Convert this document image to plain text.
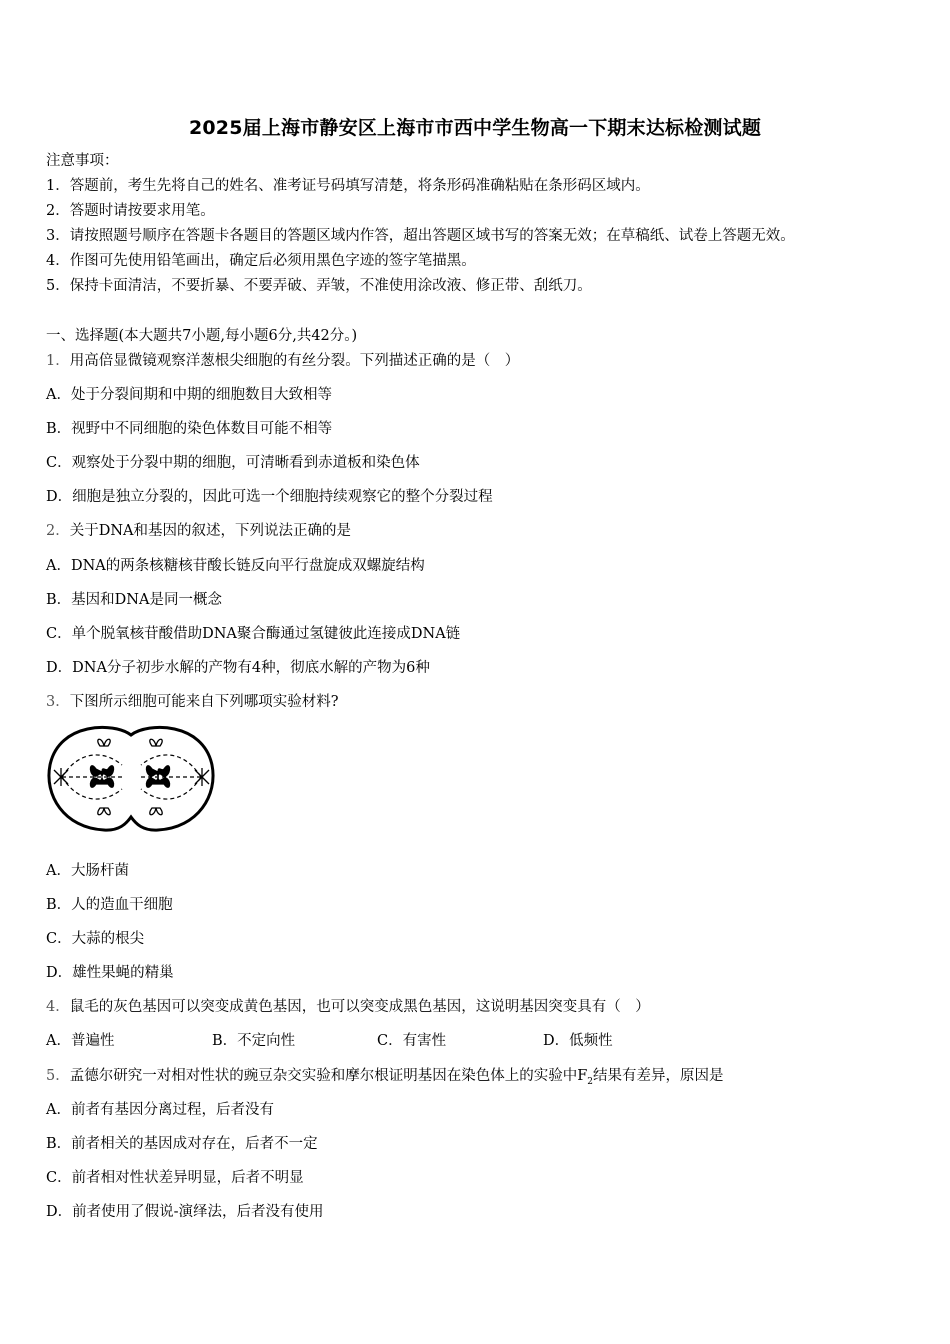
2025届上海市静安区上海市市西中学生物高一下期末达标检测试题
注意事项：
1．答题前，考生先将自己的姓名、准考证号码填写清楚，将条形码准确粘贴在条形码区域内。
2．答题时请按要求用笔。
3．请按照题号顺序在答题卡各题目的答题区域内作答，超出答题区域书写的答案无效；在草稿纸、试卷上答题无效。
4．作图可先使用铅笔画出，确定后必须用黑色字迹的签字笔描黑。
5．保持卡面清洁，不要折暴、不要弄破、弄皱，不准使用涂改液、修正带、刮纸刀。
一、选择题(本大题共7小题,每小题6分,共42分。)
1．用高倍显微镜观察洋葱根尖细胞的有丝分裂。下列描述正确的是（　）
A．处于分裂间期和中期的细胞数目大致相等
B．视野中不同细胞的染色体数目可能不相等
C．观察处于分裂中期的细胞，可清晰看到赤道板和染色体
D．细胞是独立分裂的，因此可选一个细胞持续观察它的整个分裂过程
2．关于DNA和基因的叙述，下列说法正确的是
A．DNA的两条核糖核苷酸长链反向平行盘旋成双螺旋结构
B．基因和DNA是同一概念
C．单个脱氧核苷酸借助DNA聚合酶通过氢键彼此连接成DNA链
D．DNA分子初步水解的产物有4种，彻底水解的产物为6种
3．下图所示细胞可能来自下列哪项实验材料?
A．大肠杆菌
B．人的造血干细胞
C．大蒜的根尖
D．雄性果蝇的精巢
4．鼠毛的灰色基因可以突变成黄色基因，也可以突变成黑色基因，这说明基因突变具有（　）
A．普遍性	B．不定向性	C．有害性	D．低频性
5．孟德尔研究一对相对性状的豌豆杂交实验和摩尔根证明基因在染色体上的实验中$F_2$结果有差异，原因是
A．前者有基因分离过程，后者没有
B．前者相关的基因成对存在，后者不一定
C．前者相对性状差异明显，后者不明显
D．前者使用了假说-演绎法，后者没有使用
